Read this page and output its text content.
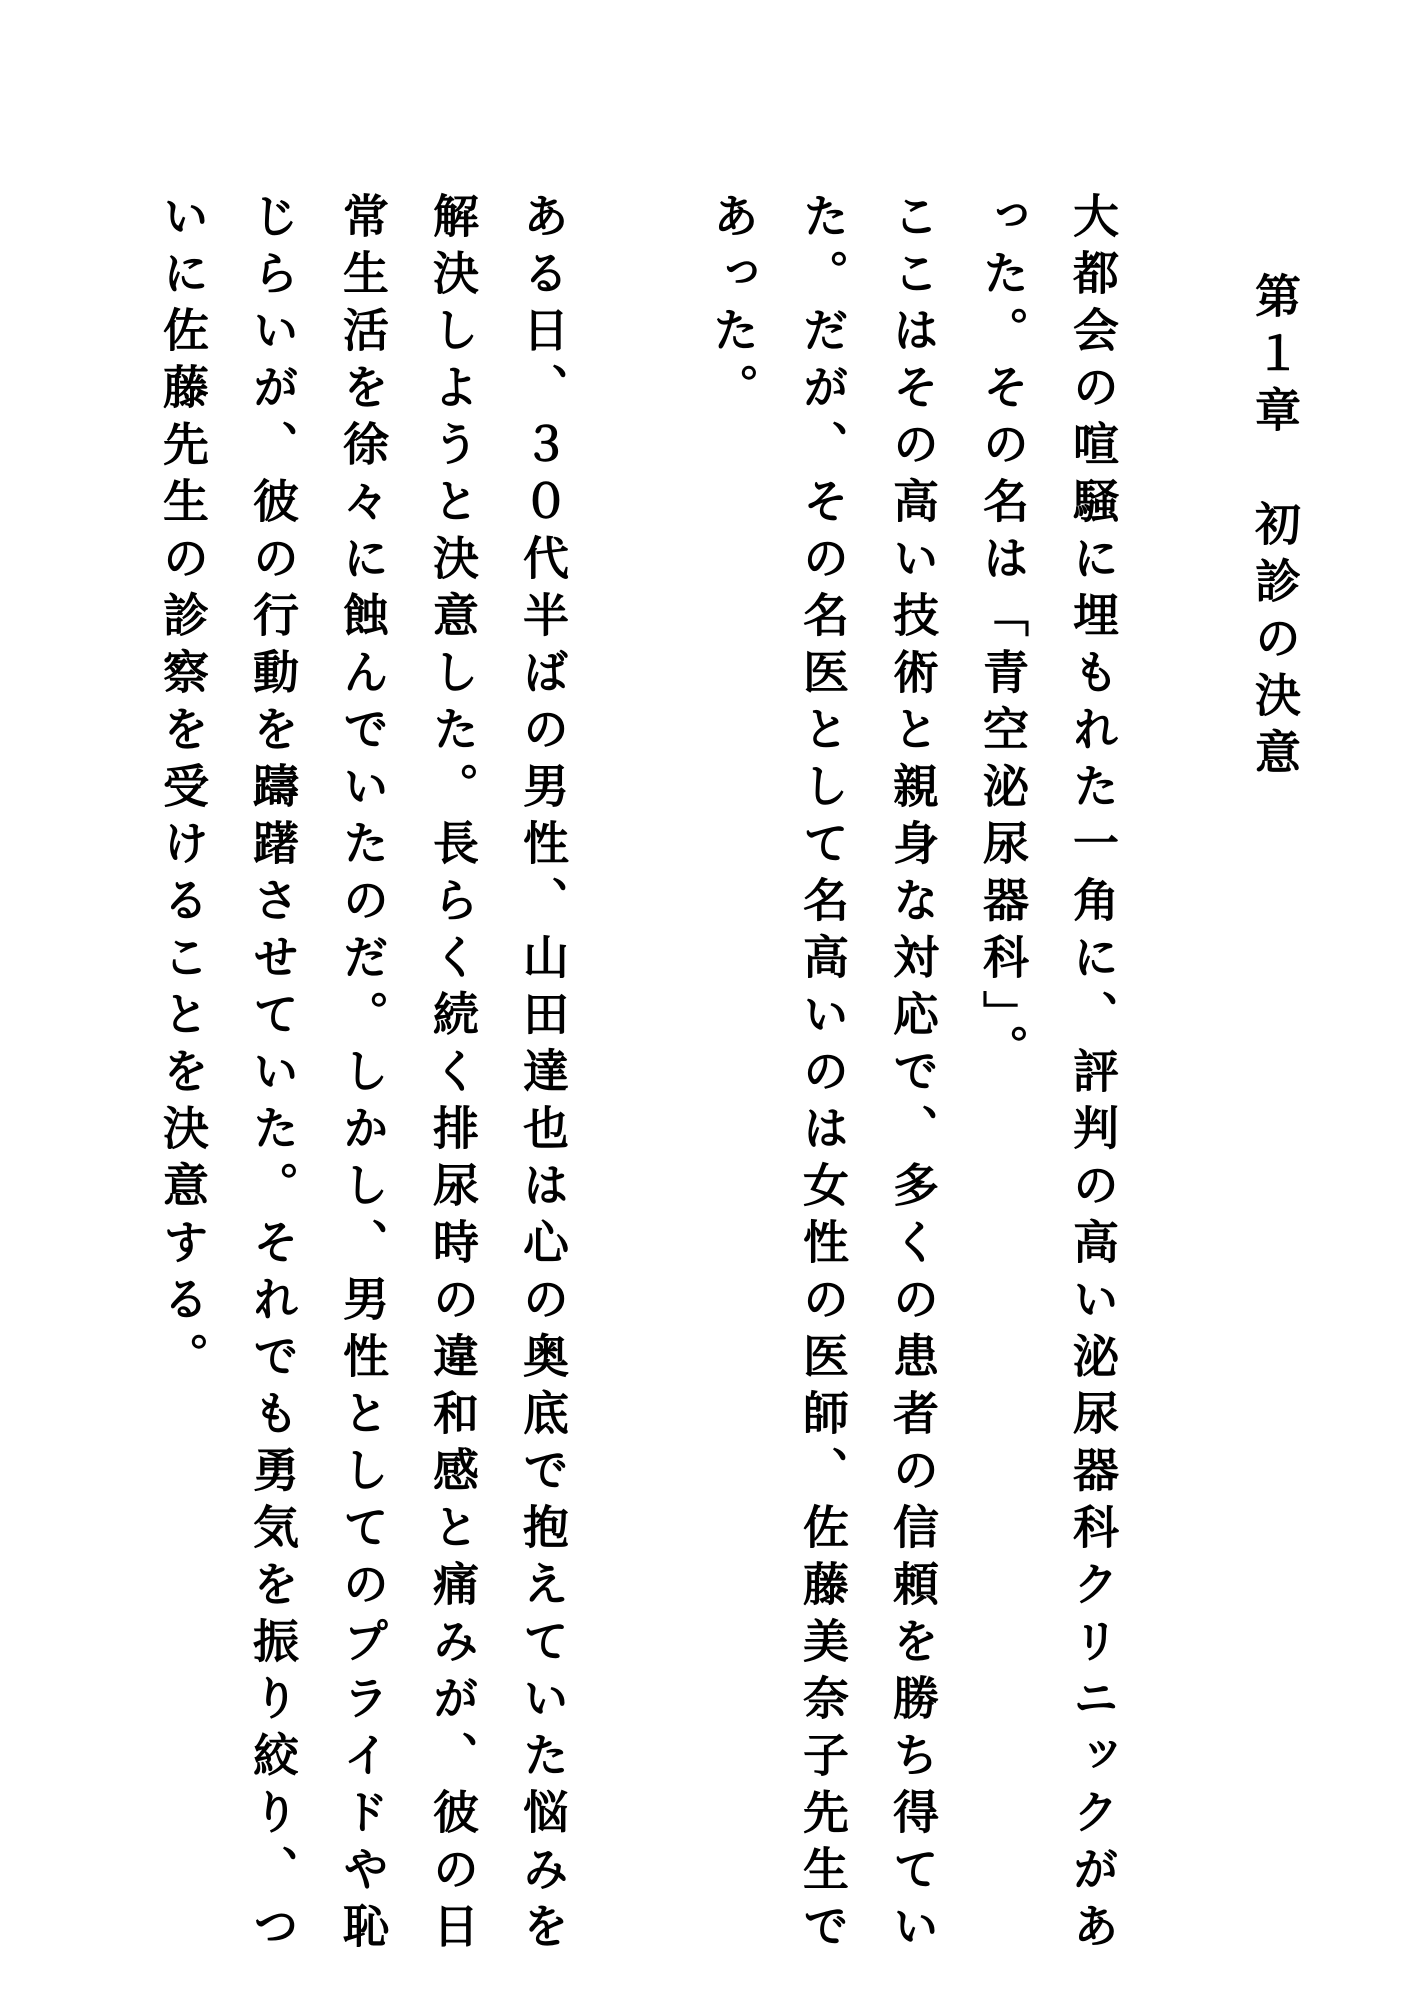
第１章　初診の決意
大都会の喧騒に埋もれた一角に、評判の高い泌尿器科クリニックがあ
った。その名は「青空泌尿器科」。
ここはその高い技術と親身な対応で、多くの患者の信頼を勝ち得てい
た。だが、その名医として名高いのは女性の医師、佐藤美奈子先生で
あった。
ある日、３０代半ばの男性、山田達也は心の奥底で抱えていた悩みを
解決しようと決意した。長らく続く排尿時の違和感と痛みが、彼の日
常生活を徐々に蝕んでいたのだ。しかし、男性としてのプライドや恥
じらいが、彼の行動を躊躇させていた。それでも勇気を振り絞り、つ
いに佐藤先生の診察を受けることを決意する。
